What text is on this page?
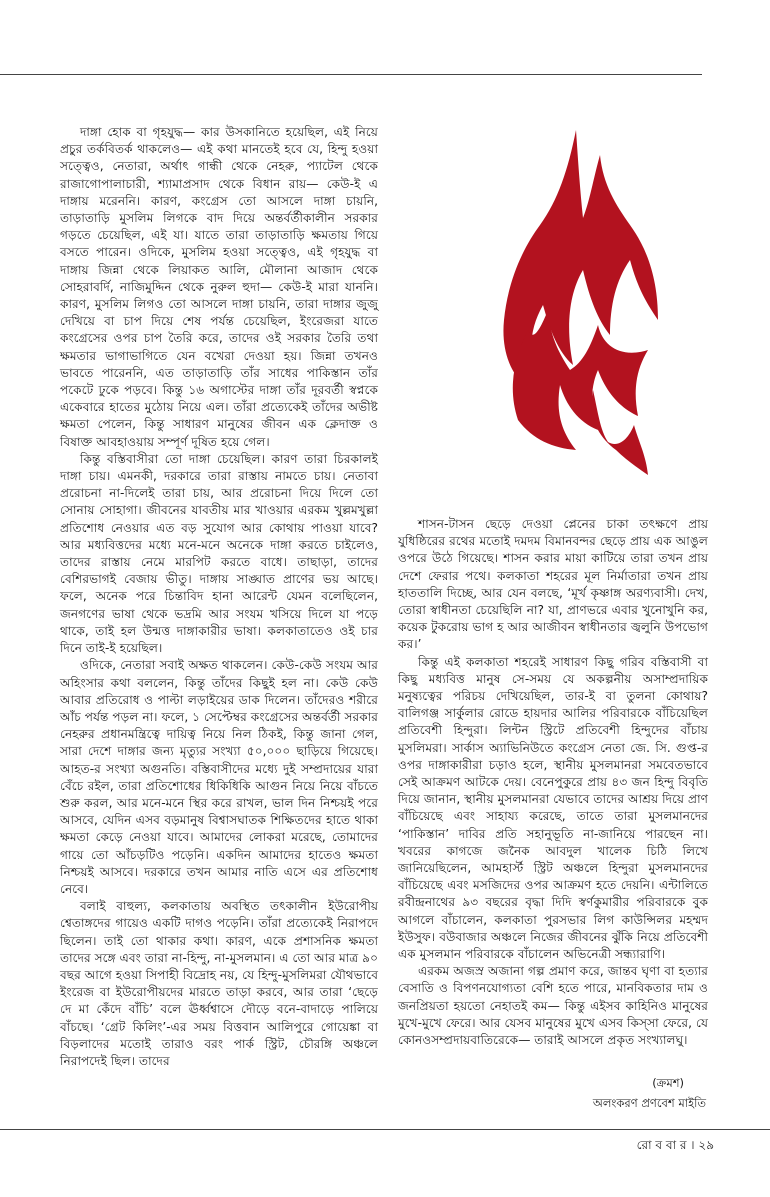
দাঙ্গা হোক বা গৃহযুদ্ধ— কার উসকানিতে হয়েছিল, এই নিয়ে প্রচুর তর্কবিতর্ক থাকলেও— এই কথা মানতেই হবে যে, হিন্দু হওয়া সত্ত্বেও, নেতারা, অর্থাৎ গান্ধী থেকে নেহরু, প্যাটেল থেকে রাজাগোপালাচারী, শ্যামাপ্রসাদ থেকে বিধান রায়— কেউ-ই এ দাঙ্গায় মরেননি। কারণ, কংগ্রেস তো আসলে দাঙ্গা চায়নি, তাড়াতাড়ি মুসলিম লিগকে বাদ দিয়ে অন্তর্বর্তীকালীন সরকার গড়তে চেয়েছিল, এই যা। যাতে তারা তাড়াতাড়ি ক্ষমতায় গিয়ে বসতে পারেন। ওদিকে, মুসলিম হওয়া সত্ত্বেও, এই গৃহযুদ্ধ বা দাঙ্গায় জিন্না থেকে লিয়াকত আলি, মৌলানা আজাদ থেকে সোহরাবর্দি, নাজিমুদ্দিন থেকে নুরুল হুদা— কেউ-ই মারা যাননি। কারণ, মুসলিম লিগও তো আসলে দাঙ্গা চায়নি, তারা দাঙ্গার জুজু দেখিয়ে বা চাপ দিয়ে শেষ পর্যন্ত চেয়েছিল, ইংরেজরা যাতে কংগ্রেসের ওপর চাপ তৈরি করে, তাদের ওই সরকার তৈরি তথা ক্ষমতার ভাগাভাগিতে যেন বখেরা দেওয়া হয়। জিন্না তখনও ভাবতে পারেননি, এত তাড়াতাড়ি তাঁর সাধের পাকিস্তান তাঁর পকেটে ঢুকে পড়বে। কিন্তু ১৬ অগাস্টের দাঙ্গা তাঁর দূরবর্তী স্বপ্নকে একেবারে হাতের মুঠোয় নিয়ে এল। তাঁরা প্রত্যেকেই তাঁদের অভীষ্ট ক্ষমতা পেলেন, কিন্তু সাধারণ মানুষের জীবন এক ক্লেদাক্ত ও বিষাক্ত আবহাওয়ায় সম্পূর্ণ দূষিত হয়ে গেল।

কিন্তু বস্তিবাসীরা তো দাঙ্গা চেয়েছিল। কারণ তারা চিরকালই দাঙ্গা চায়। এমনকী, দরকারে তারা রাস্তায় নামতে চায়। নেতাবা প্ররোচনা না-দিলেই তারা চায়, আর প্ররোচনা দিয়ে দিলে তো সোনায় সোহাগা। জীবনের যাবতীয় মার খাওয়ার এরকম খুল্লমখুল্লা প্রতিশোধ নেওয়ার এত বড় সুযোগ আর কোথায় পাওয়া যাবে? আর মধ্যবিত্তদের মধ্যে মনে-মনে অনেকে দাঙ্গা করতে চাইলেও, তাদের রাস্তায় নেমে মারপিট করতে বাধে। তাছাড়া, তাদের বেশিরভাগই বেজায় ভীতু। দাঙ্গায় সাঙ্ঘাত প্রাণের ভয় আছে। ফলে, অনেক পরে চিন্তাবিদ হানা আরেন্ট যেমন বলেছিলেন, জনগণের ভাষা থেকে ভদ্রমি আর সংযম খসিয়ে দিলে যা পড়ে থাকে, তাই হল উন্মত্ত দাঙ্গাকারীর ভাষা। কলকাতাতেও ওই চার দিনে তাই-ই হয়েছিল।

ওদিকে, নেতারা সবাই অক্ষত থাকলেন। কেউ-কেউ সংযম আর অহিংসার কথা বললেন, কিন্তু তাঁদের কিছুই হল না। কেউ কেউ আবার প্রতিরোধ ও পাল্টা লড়াইয়ের ডাক দিলেন। তাঁদেরও শরীরে আঁচ পর্যন্ত পড়ল না। ফলে, ১ সেপ্টেম্বর কংগ্রেসের অন্তর্বর্তী সরকার নেহরুর প্রধানমন্ত্রিত্বে দায়িত্ব নিয়ে নিল ঠিকই, কিন্তু জানা গেল, সারা দেশে দাঙ্গার জন্য মৃত্যুর সংখ্যা ৫০,০০০ ছাড়িয়ে গিয়েছে। আহত-র সংখ্যা অগুনতি। বস্তিবাসীদের মধ্যে দুই সম্প্রদায়ের যারা বেঁচে রইল, তারা প্রতিশোধের ধিকিধিকি আগুন নিয়ে নিয়ে বাঁচতে শুরু করল, আর মনে-মনে স্থির করে রাখল, ভাল দিন নিশ্চয়ই পরে আসবে, যেদিন এসব বড়মানুষ বিশ্বাসঘাতক শিক্ষিতদের হাতে থাকা ক্ষমতা কেড়ে নেওয়া যাবে। আমাদের লোকরা মরেছে, তোমাদের গায়ে তো আঁচড়টিও পড়েনি। একদিন আমাদের হাতেও ক্ষমতা নিশ্চয়ই আসবে। দরকারে তখন আমার নাতি এসে এর প্রতিশোধ নেবে।

বলাই বাহুল্য, কলকাতায় অবস্থিত তৎকালীন ইউরোপীয় শ্বেতাঙ্গদের গায়েও একটি দাগও পড়েনি। তাঁরা প্রত্যেকেই নিরাপদে ছিলেন। তাই তো থাকার কথা। কারণ, একে প্রশাসনিক ক্ষমতা তাদের সঙ্গে এবং তারা না-হিন্দু, না-মুসলমান। এ তো আর মাত্র ৯০ বছর আগে হওয়া সিপাহী বিদ্রোহ নয়, যে হিন্দু-মুসলিমরা যৌথভাবে ইংরেজ বা ইউরোপীয়দের মারতে তাড়া করবে, আর তারা ‘ছেড়ে দে মা কেঁদে বাঁচি’ বলে ঊর্ধ্বশ্বাসে দৌড়ে বনে-বাদাড়ে পালিয়ে বাঁচছে। ‘গ্রেট কিলিং’-এর সময় বিত্তবান আলিপুরে গোয়েঙ্কা বা বিড়লাদের মতোই তারাও বরং পার্ক স্ট্রিট, চৌরঙ্গি অঞ্চলে নিরাপদেই ছিল। তাদের

শাসন-টাসন ছেড়ে দেওয়া প্লেনের চাকা তৎক্ষণে প্রায় যুধিষ্ঠিরের রথের মতোই দমদম বিমানবন্দর ছেড়ে প্রায় এক আঙুল ওপরে উঠে গিয়েছে। শাসন করার মায়া কাটিয়ে তারা তখন প্রায় দেশে ফেরার পথে। কলকাতা শহরের মূল নির্মাতারা তখন প্রায় হাততালি দিচ্ছে, আর যেন বলছে, ‘মূর্খ কৃষ্ণাঙ্গ অরণ্যবাসী। দেখ, তোরা স্বাধীনতা চেয়েছিলি না? যা, প্রাণভরে এবার খুনোখুনি কর, কয়েক টুকরোয় ভাগ হ আর আজীবন স্বাধীনতার জ্বলুনি উপভোগ কর।’

কিন্তু এই কলকাতা শহরেই সাধারণ কিছু গরিব বস্তিবাসী বা কিছু মধ্যবিত্ত মানুষ সে-সময় যে অকল্পনীয় অসাম্প্রদায়িক মনুষ্যত্বের পরিচয় দেখিয়েছিল, তার-ই বা তুলনা কোথায়? বালিগঞ্জ সার্কুলার রোডে হায়দার আলির পরিবারকে বাঁচিয়েছিল প্রতিবেশী হিন্দুরা। লিন্টন স্ট্রিটে প্রতিবেশী হিন্দুদের বাঁচায় মুসলিমরা। সার্কাস অ্যাভিনিউতে কংগ্রেস নেতা জে. সি. গুপ্ত-র ওপর দাঙ্গাকারীরা চড়াও হলে, স্থানীয় মুসলমানরা সমবেতভাবে সেই আক্রমণ আটকে দেয়। বেনেপুকুরে প্রায় ৪৩ জন হিন্দু বিবৃতি দিয়ে জানান, স্থানীয় মুসলমানরা যেভাবে তাদের আশ্রয় দিয়ে প্রাণ বাঁচিয়েছে এবং সাহায্য করেছে, তাতে তারা মুসলমানদের ‘পাকিস্তান’ দাবির প্রতি সহানুভূতি না-জানিয়ে পারছেন না। খবরের কাগজে জনৈক আবদুল খালেক চিঠি লিখে জানিয়েছিলেন, আমহার্স্ট স্ট্রিট অঞ্চলে হিন্দুরা মুসলমানদের বাঁচিয়েছে এবং মসজিদের ওপর আক্রমণ হতে দেয়নি। এন্টালিতে রবীন্দ্রনাথের ৯৩ বছরের বৃদ্ধা দিদি স্বর্ণকুমারীর পরিবারকে বুক আগলে বাঁচালেন, কলকাতা পুরসভার লিগ কাউন্সিলর মহম্মদ ইউসুফ। বউবাজার অঞ্চলে নিজের জীবনের ঝুঁকি নিয়ে প্রতিবেশী এক মুসলমান পরিবারকে বাঁচালেন অভিনেত্রী সন্ধ্যারাণি।

এরকম অজস্র অজানা গল্প প্রমাণ করে, জান্তব ঘৃণা বা হত্যার বেসাতি ও বিপণনযোগ্যতা বেশি হতে পারে, মানবিকতার দাম ও জনপ্রিয়তা হয়তো নেহাতই কম— কিন্তু এইসব কাহিনিও মানুষের মুখে-মুখে ফেরে। আর যেসব মানুষের মুখে এসব কিস্সা ফেরে, যে কোনওসম্প্রদায়বাতিরেকে— তারাই আসলে প্রকৃত সংখ্যালঘু।

(ক্রমশ)
অলংকরণ প্রণবেশ মাইতি
রো ব বা র । ২৯
